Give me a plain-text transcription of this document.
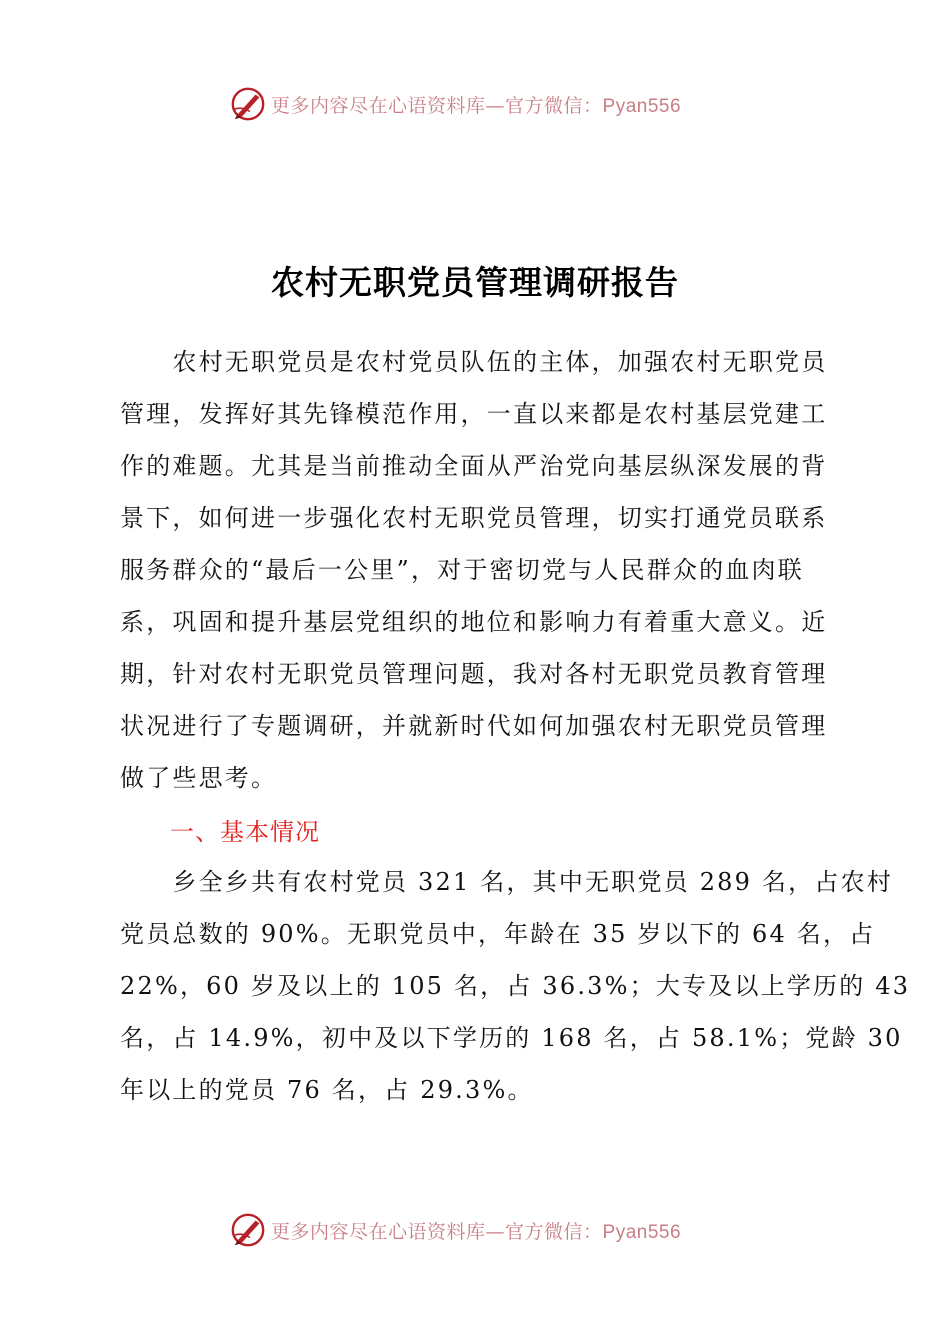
更多内容尽在心语资料库—官方微信：Pyan556
农村无职党员管理调研报告
　　农村无职党员是农村党员队伍的主体，加强农村无职党员
管理，发挥好其先锋模范作用，一直以来都是农村基层党建工
作的难题。尤其是当前推动全面从严治党向基层纵深发展的背
景下，如何进一步强化农村无职党员管理，切实打通党员联系
服务群众的“最后一公里”，对于密切党与人民群众的血肉联
系，巩固和提升基层党组织的地位和影响力有着重大意义。近
期，针对农村无职党员管理问题，我对各村无职党员教育管理
状况进行了专题调研，并就新时代如何加强农村无职党员管理
做了些思考。
一、基本情况
　　乡全乡共有农村党员 321 名，其中无职党员 289 名，占农村
党员总数的 90%。无职党员中，年龄在 35 岁以下的 64 名，占
22%，60 岁及以上的 105 名，占 36.3%；大专及以上学历的 43
名，占 14.9%，初中及以下学历的 168 名，占 58.1%；党龄 30
年以上的党员 76 名，占 29.3%。
更多内容尽在心语资料库—官方微信：Pyan556
